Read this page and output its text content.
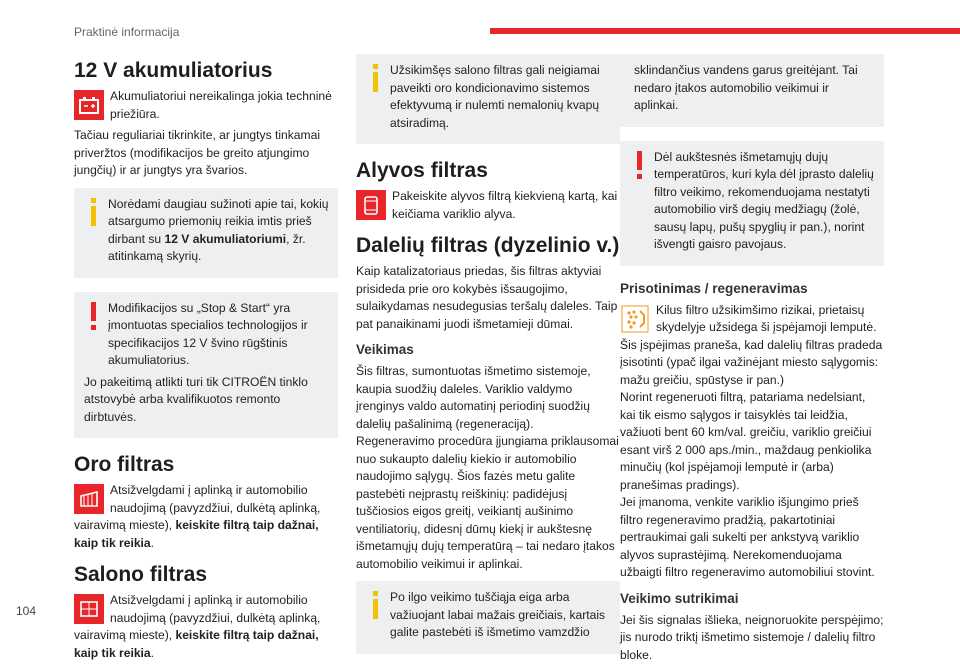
Praktinė informacija
12 V akumuliatorius

Akumuliatoriui nereikalinga jokia techninė priežiūra.

Tačiau reguliariai tikrinkite, ar jungtys tinkamai priveržtos (modifikacijos be greito atjungimo jungčių) ir ar jungtys yra švarios.

Norėdami daugiau sužinoti apie tai, kokių atsargumo priemonių reikia imtis prieš dirbant su 12 V akumuliatoriumi, žr. atitinkamą skyrių.

Modifikacijos su „Stop & Start“ yra įmontuotas specialios technologijos ir specifikacijos 12 V švino rūgštinis akumuliatorius.

Jo pakeitimą atlikti turi tik CITROËN tinklo atstovybė arba kvalifikuotos remonto dirbtuvės.

Oro filtras

Atsižvelgdami į aplinką ir automobilio naudojimą (pavyzdžiui, dulkėtą aplinką, vairavimą mieste), keiskite filtrą taip dažnai, kaip tik reikia.

Salono filtras

Atsižvelgdami į aplinką ir automobilio naudojimą (pavyzdžiui, dulkėtą aplinką, vairavimą mieste), keiskite filtrą taip dažnai, kaip tik reikia.

Užsikimšęs salono filtras gali neigiamai paveikti oro kondicionavimo sistemos efektyvumą ir nulemti nemalonių kvapų atsiradimą.

Alyvos filtras

Pakeiskite alyvos filtrą kiekvieną kartą, kai keičiama variklio alyva.

Dalelių filtras (dyzelinio v.)

Kaip katalizatoriaus priedas, šis filtras aktyviai prisideda prie oro kokybės išsaugojimo, sulaikydamas nesudegusias teršalų daleles. Taip pat panaikinami juodi išmetamieji dūmai.

Veikimas

Šis filtras, sumontuotas išmetimo sistemoje, kaupia suodžių daleles. Variklio valdymo įrenginys valdo automatinį periodinį suodžių dalelių pašalinimą (regeneraciją).

Regeneravimo procedūra įjungiama priklausomai nuo sukaupto dalelių kiekio ir automobilio naudojimo sąlygų. Šios fazės metu galite pastebėti neįprastų reiškinių: padidėjusį tuščiosios eigos greitį, veikiantį aušinimo ventiliatorių, didesnį dūmų kiekį ir aukštesnę išmetamųjų dujų temperatūrą – tai nedaro įtakos automobilio veikimui ir aplinkai.

Po ilgo veikimo tuščiąja eiga arba važiuojant labai mažais greičiais, kartais galite pastebėti iš išmetimo vamzdžio

sklindančius vandens garus greitėjant. Tai nedaro įtakos automobilio veikimui ir aplinkai.

Dėl aukštesnės išmetamųjų dujų temperatūros, kuri kyla dėl įprasto dalelių filtro veikimo, rekomenduojama nestatyti automobilio virš degių medžiagų (žolė, sausų lapų, pušų spyglių ir pan.), norint išvengti gaisro pavojaus.

Prisotinimas / regeneravimas

Kilus filtro užsikimšimo rizikai, prietaisų skydelyje užsidega ši įspėjamoji lemputė.

Šis įspėjimas praneša, kad dalelių filtras pradeda įsisotinti (ypač ilgai važinėjant miesto sąlygomis: mažu greičiu, spūstyse ir pan.)

Norint regeneruoti filtrą, patariama nedelsiant, kai tik eismo sąlygos ir taisyklės tai leidžia, važiuoti bent 60 km/val. greičiu, variklio greičiui esant virš 2 000 aps./min., maždaug penkiolika minučių (kol įspėjamoji lemputė ir (arba) pranešimas pradings).

Jei įmanoma, venkite variklio išjungimo prieš filtro regeneravimo pradžią, pakartotiniai pertraukimai gali sukelti per ankstyvą variklio alyvos suprastėjimą. Nerekomenduojama užbaigti filtro regeneravimo automobiliui stovint.

Veikimo sutrikimai

Jei šis signalas išlieka, neignoruokite perspėjimo; jis nurodo triktį išmetimo sistemoje / dalelių filtro bloke.

104
